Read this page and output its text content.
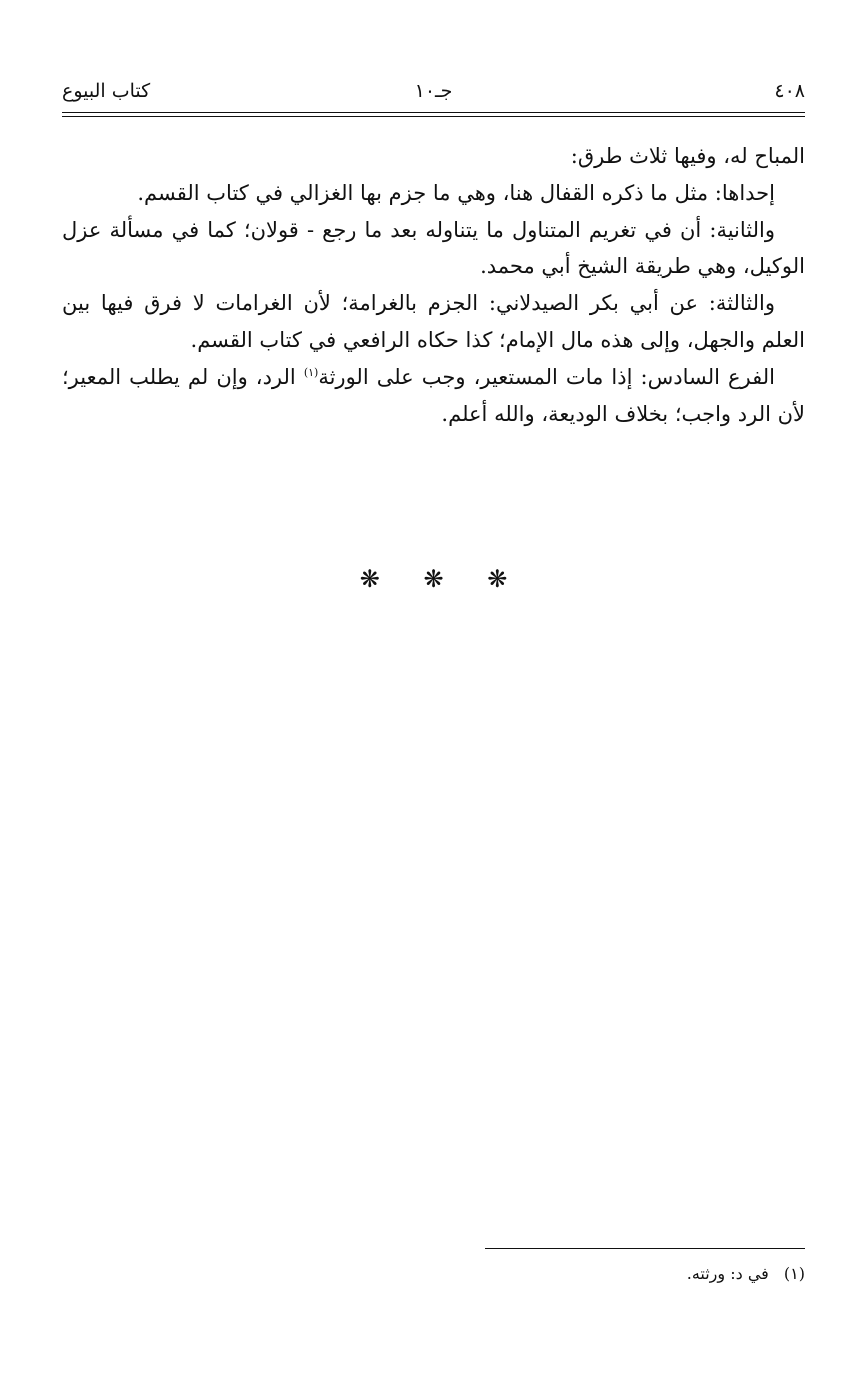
٤٠٨
جـ١٠
كتاب البيوع

المباح له، وفيها ثلاث طرق:

إحداها: مثل ما ذكره القفال هنا، وهي ما جزم بها الغزالي في كتاب القسم.

والثانية: أن في تغريم المتناول ما يتناوله بعد ما رجع - قولان؛ كما في مسألة عزل الوكيل، وهي طريقة الشيخ أبي محمد.

والثالثة: عن أبي بكر الصيدلاني: الجزم بالغرامة؛ لأن الغرامات لا فرق فيها بين العلم والجهل، وإلى هذه مال الإمام؛ كذا حكاه الرافعي في كتاب القسم.

الفرع السادس: إذا مات المستعير، وجب على الورثة$^{(١)}$ الرد، وإن لم يطلب المعير؛ لأن الرد واجب؛ بخلاف الوديعة، والله أعلم.

❋ ❋ ❋
(١) في د: ورثته.
